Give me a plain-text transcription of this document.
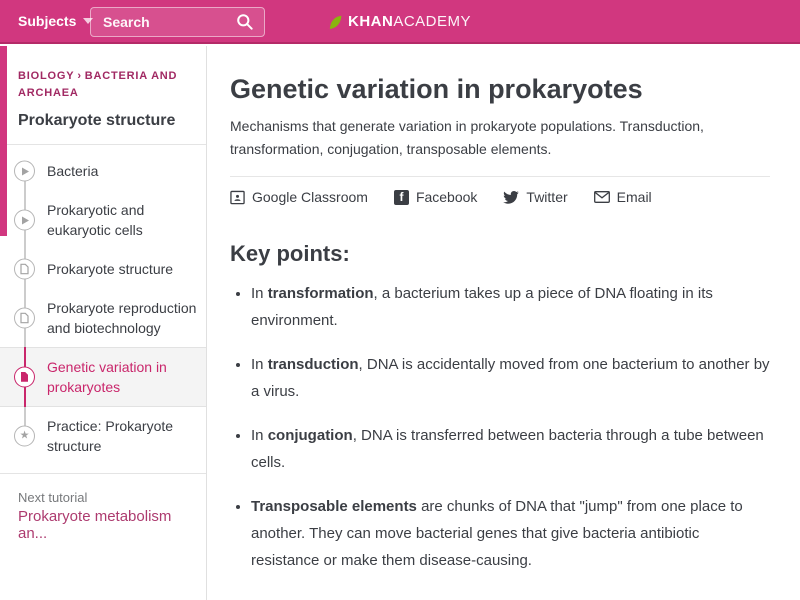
Subjects
Search	KHANACADEMY
BIOLOGY › BACTERIA AND ARCHAEA
Prokaryote structure
Bacteria
Prokaryotic and eukaryotic cells
Prokaryote structure
Prokaryote reproduction and biotechnology
Genetic variation in prokaryotes
★
Practice: Prokaryote structure
Next tutorial
Prokaryote metabolism an...
Genetic variation in prokaryotes

Mechanisms that generate variation in prokaryote populations. Transduction, transformation, conjugation, transposable elements.

Google Classroom	f Facebook	Twitter	Email
Key points:
• In transformation, a bacterium takes up a piece of DNA floating in its environment.
• In transduction, DNA is accidentally moved from one bacterium to another by a virus.
• In conjugation, DNA is transferred between bacteria through a tube between cells.
• Transposable elements are chunks of DNA that "jump" from one place to another. They can move bacterial genes that give bacteria antibiotic resistance or make them disease-causing.
